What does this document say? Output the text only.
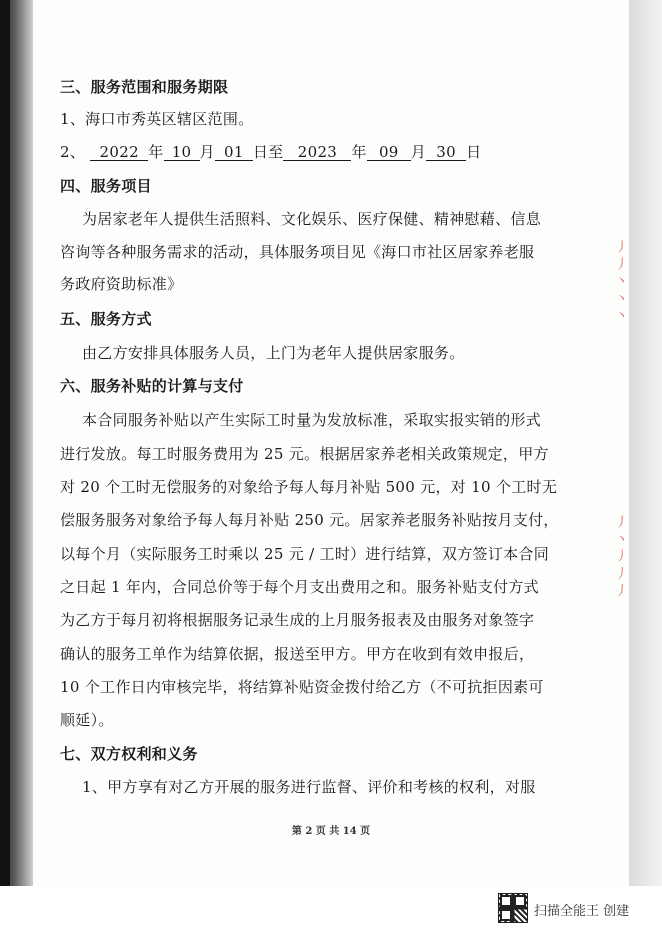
丿 丿 丶 丶 丶
丿 丶 丿 丿 丿
三、服务范围和服务期限
1、海口市秀英区辖区范围。
2、 2022 年 10 月 01 日至 2023 年 09 月 30 日
四、服务项目
为居家老年人提供生活照料、文化娱乐、医疗保健、精神慰藉、信息
咨询等各种服务需求的活动，具体服务项目见《海口市社区居家养老服
务政府资助标准》
五、服务方式
由乙方安排具体服务人员，上门为老年人提供居家服务。
六、服务补贴的计算与支付
本合同服务补贴以产生实际工时量为发放标准，采取实报实销的形式
进行发放。每工时服务费用为 25 元。根据居家养老相关政策规定，甲方
对 20 个工时无偿服务的对象给予每人每月补贴 500 元，对 10 个工时无
偿服务服务对象给予每人每月补贴 250 元。居家养老服务补贴按月支付，
以每个月（实际服务工时乘以 25 元 / 工时）进行结算，双方签订本合同
之日起 1 年内，合同总价等于每个月支出费用之和。服务补贴支付方式
为乙方于每月初将根据服务记录生成的上月服务报表及由服务对象签字
确认的服务工单作为结算依据，报送至甲方。甲方在收到有效申报后，
10 个工作日内审核完毕，将结算补贴资金拨付给乙方（不可抗拒因素可
顺延）。
七、双方权利和义务
1、甲方享有对乙方开展的服务进行监督、评价和考核的权利，对服
第 2 页 共 14 页
扫描全能王 创建
